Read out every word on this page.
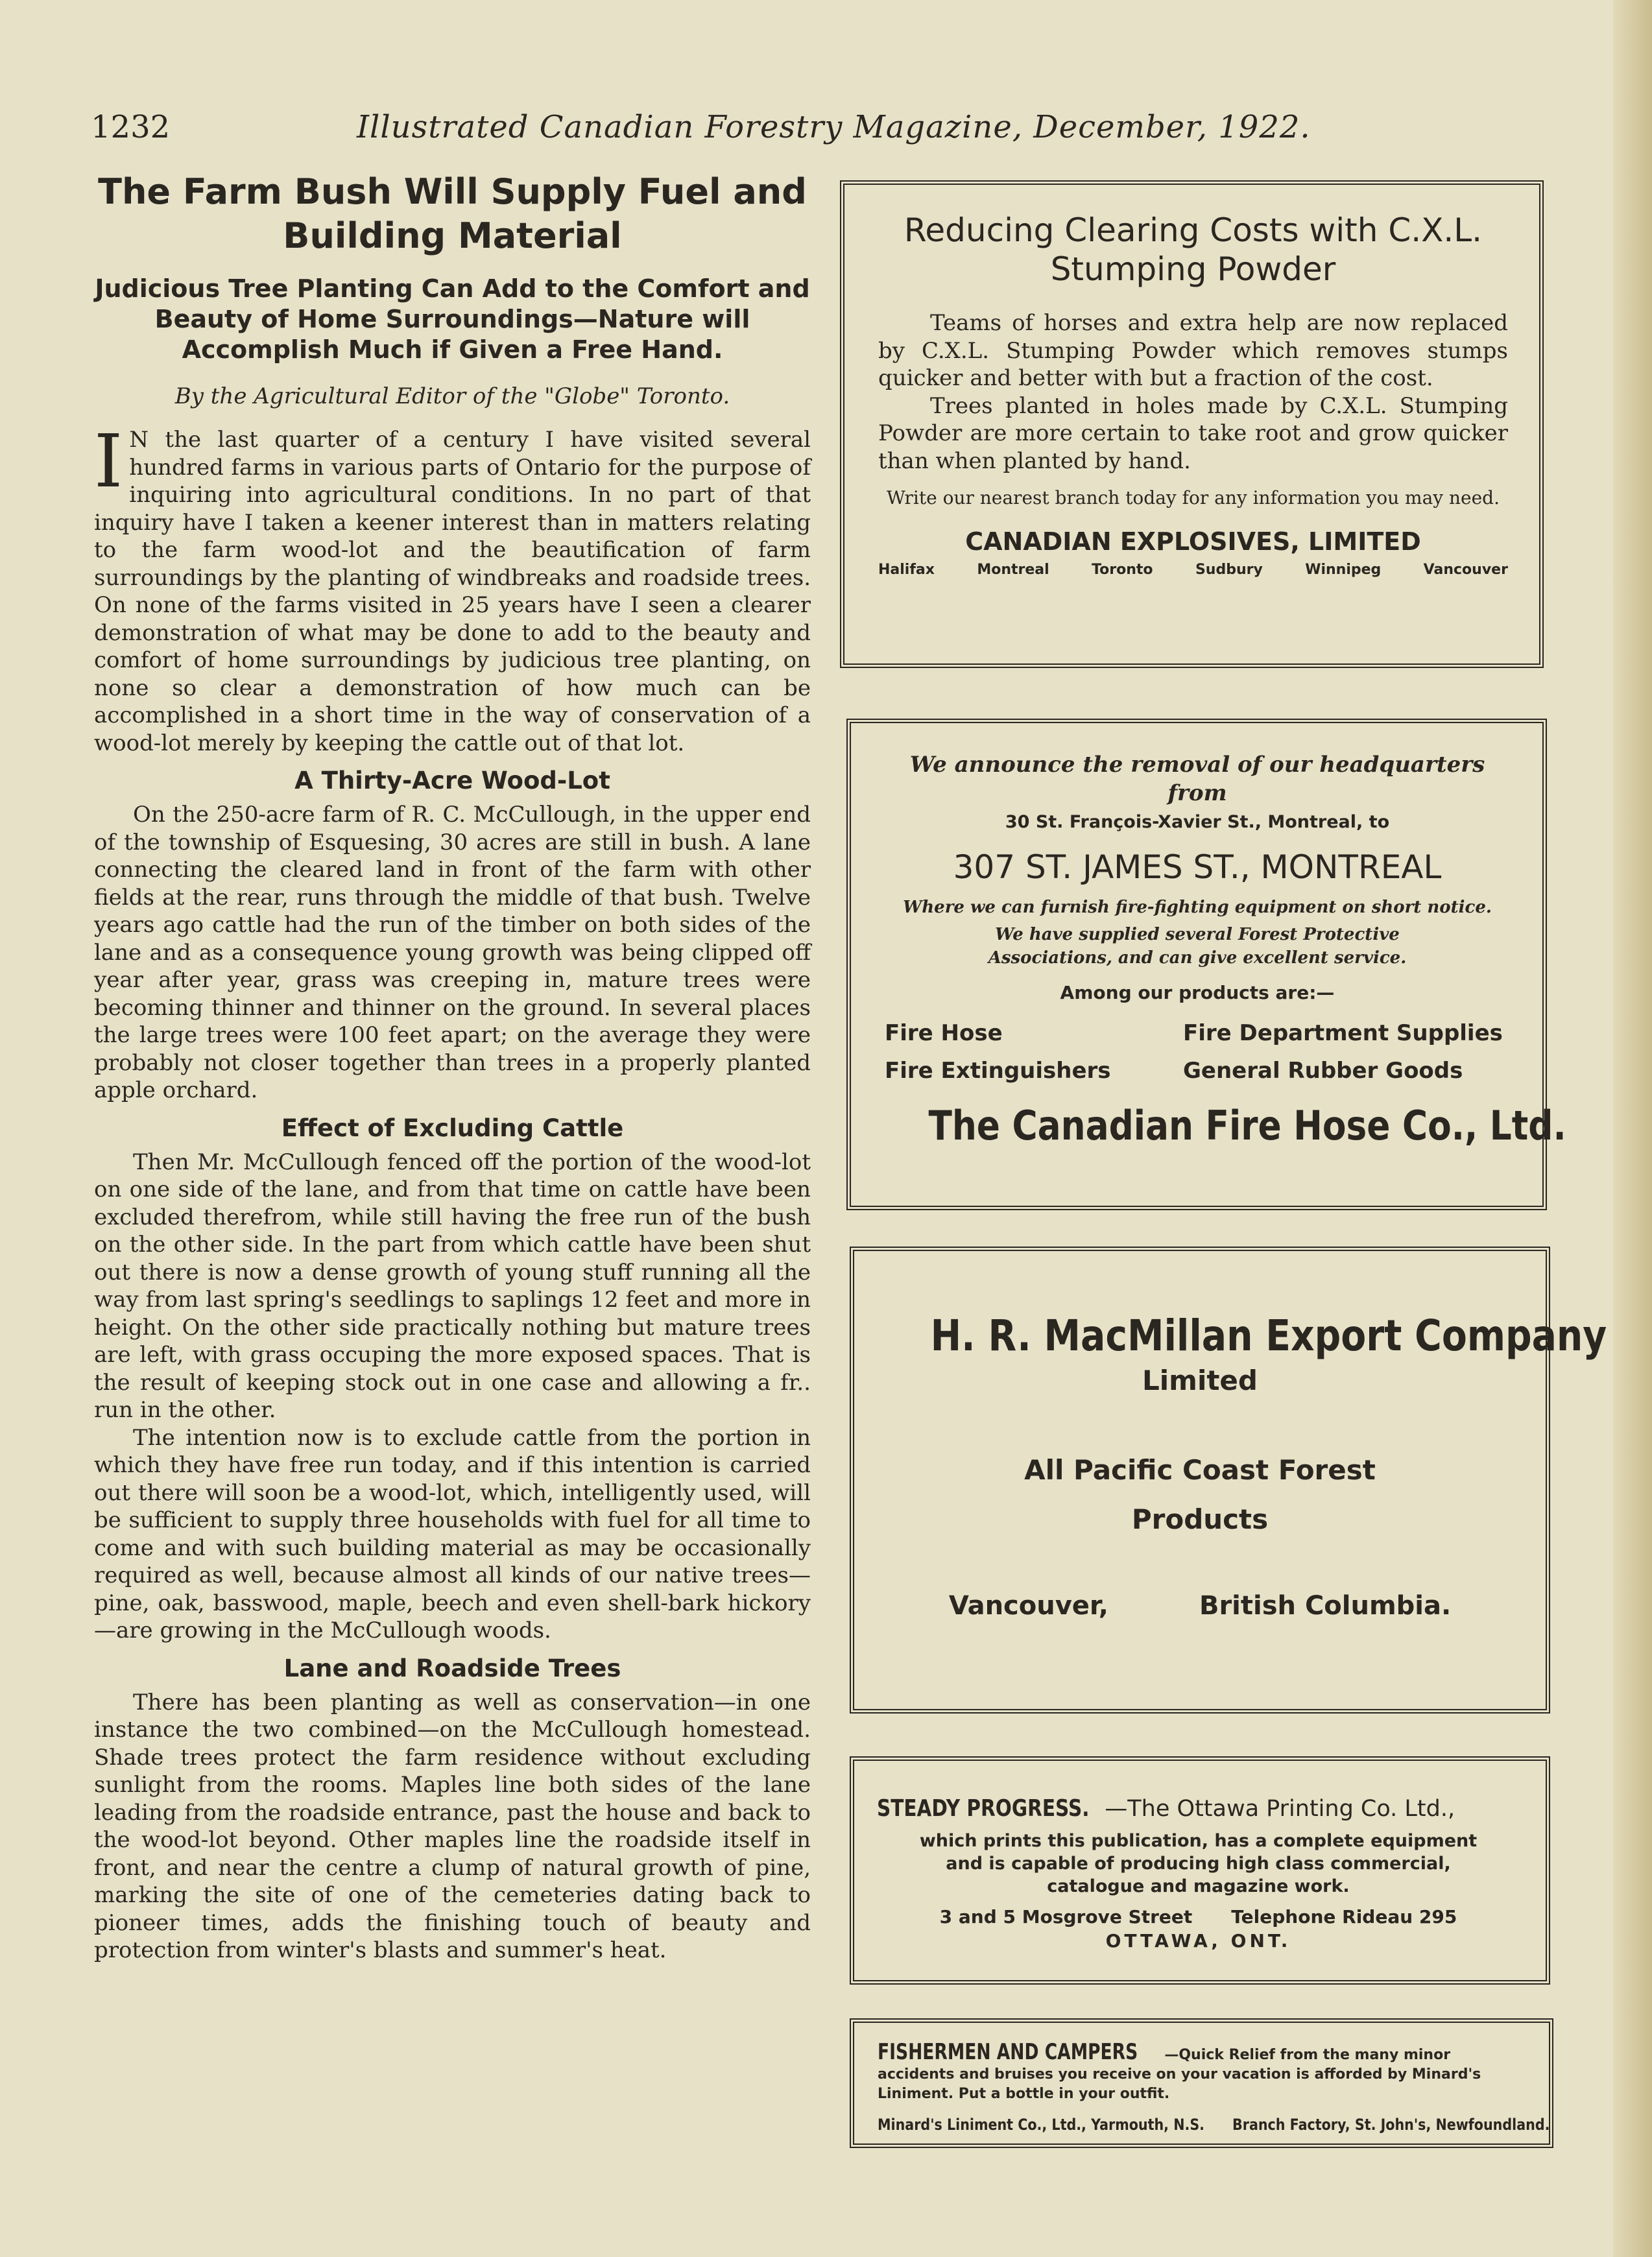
1232	Illustrated Canadian Forestry Magazine, December, 1922.
The Farm Bush Will Supply Fuel and Building Material

Judicious Tree Planting Can Add to the Comfort and Beauty of Home Surroundings—Nature will Accomplish Much if Given a Free Hand.

By the Agricultural Editor of the "Globe" Toronto.

I N the last quarter of a century I have visited several hundred farms in various parts of Ontario for the purpose of inquiring into agricultural conditions. In no part of that inquiry have I taken a keener interest than in matters relating to the farm wood-lot and the beautification of farm surroundings by the planting of windbreaks and roadside trees. On none of the farms visited in 25 years have I seen a clearer demonstration of what may be done to add to the beauty and comfort of home surroundings by judicious tree planting, on none so clear a demonstration of how much can be accomplished in a short time in the way of conservation of a wood-lot merely by keeping the cattle out of that lot.

A Thirty-Acre Wood-Lot

On the 250-acre farm of R. C. McCullough, in the upper end of the township of Esquesing, 30 acres are still in bush. A lane connecting the cleared land in front of the farm with other fields at the rear, runs through the middle of that bush. Twelve years ago cattle had the run of the timber on both sides of the lane and as a consequence young growth was being clipped off year after year, grass was creeping in, mature trees were becoming thinner and thinner on the ground. In several places the large trees were 100 feet apart; on the average they were probably not closer together than trees in a properly planted apple orchard.

Effect of Excluding Cattle

Then Mr. McCullough fenced off the portion of the wood-lot on one side of the lane, and from that time on cattle have been excluded therefrom, while still having the free run of the bush on the other side. In the part from which cattle have been shut out there is now a dense growth of young stuff running all the way from last spring's seedlings to saplings 12 feet and more in height. On the other side practically nothing but mature trees are left, with grass occuping the more exposed spaces. That is the result of keeping stock out in one case and allowing a fr.. run in the other.

The intention now is to exclude cattle from the portion in which they have free run today, and if this intention is carried out there will soon be a wood-lot, which, intelligently used, will be sufficient to supply three households with fuel for all time to come and with such building material as may be occasionally required as well, because almost all kinds of our native trees—pine, oak, basswood, maple, beech and even shell-bark hickory—are growing in the McCullough woods.

Lane and Roadside Trees

There has been planting as well as conservation—in one instance the two combined—on the McCullough homestead. Shade trees protect the farm residence without excluding sunlight from the rooms. Maples line both sides of the lane leading from the roadside entrance, past the house and back to the wood-lot beyond. Other maples line the roadside itself in front, and near the centre a clump of natural growth of pine, marking the site of one of the cemeteries dating back to pioneer times, adds the finishing touch of beauty and protection from winter's blasts and summer's heat.

Reducing Clearing Costs with C.X.L. Stumping Powder

Teams of horses and extra help are now replaced by C.X.L. Stumping Powder which removes stumps quicker and better with but a fraction of the cost.

Trees planted in holes made by C.X.L. Stumping Powder are more certain to take root and grow quicker than when planted by hand.

Write our nearest branch today for any information you may need.
CANADIAN EXPLOSIVES, LIMITED
Halifax	Montreal	Toronto	Sudbury	Winnipeg	Vancouver
We announce the removal of our headquarters from
30 St. François-Xavier St., Montreal, to
307 ST. JAMES ST., MONTREAL
Where we can furnish fire-fighting equipment on short notice.
We have supplied several Forest Protective Associations, and can give excellent service.
Among our products are:—
Fire Hose	Fire Department Supplies
Fire Extinguishers	General Rubber Goods
The Canadian Fire Hose Co., Ltd.
H. R. MacMillan Export Company
Limited
All Pacific Coast Forest Products
Vancouver,	British Columbia.
STEADY PROGRESS. —The Ottawa Printing Co. Ltd.,
which prints this publication, has a complete equipment and is capable of producing high class commercial, catalogue and magazine work.
3 and 5 Mosgrove Street Telephone Rideau 295
OTTAWA, ONT.
FISHERMEN AND CAMPERS —Quick Relief from the many minor accidents and bruises you receive on your vacation is afforded by Minard's Liniment. Put a bottle in your outfit.
Minard's Liniment Co., Ltd., Yarmouth, N.S. Branch Factory, St. John's, Newfoundland.
